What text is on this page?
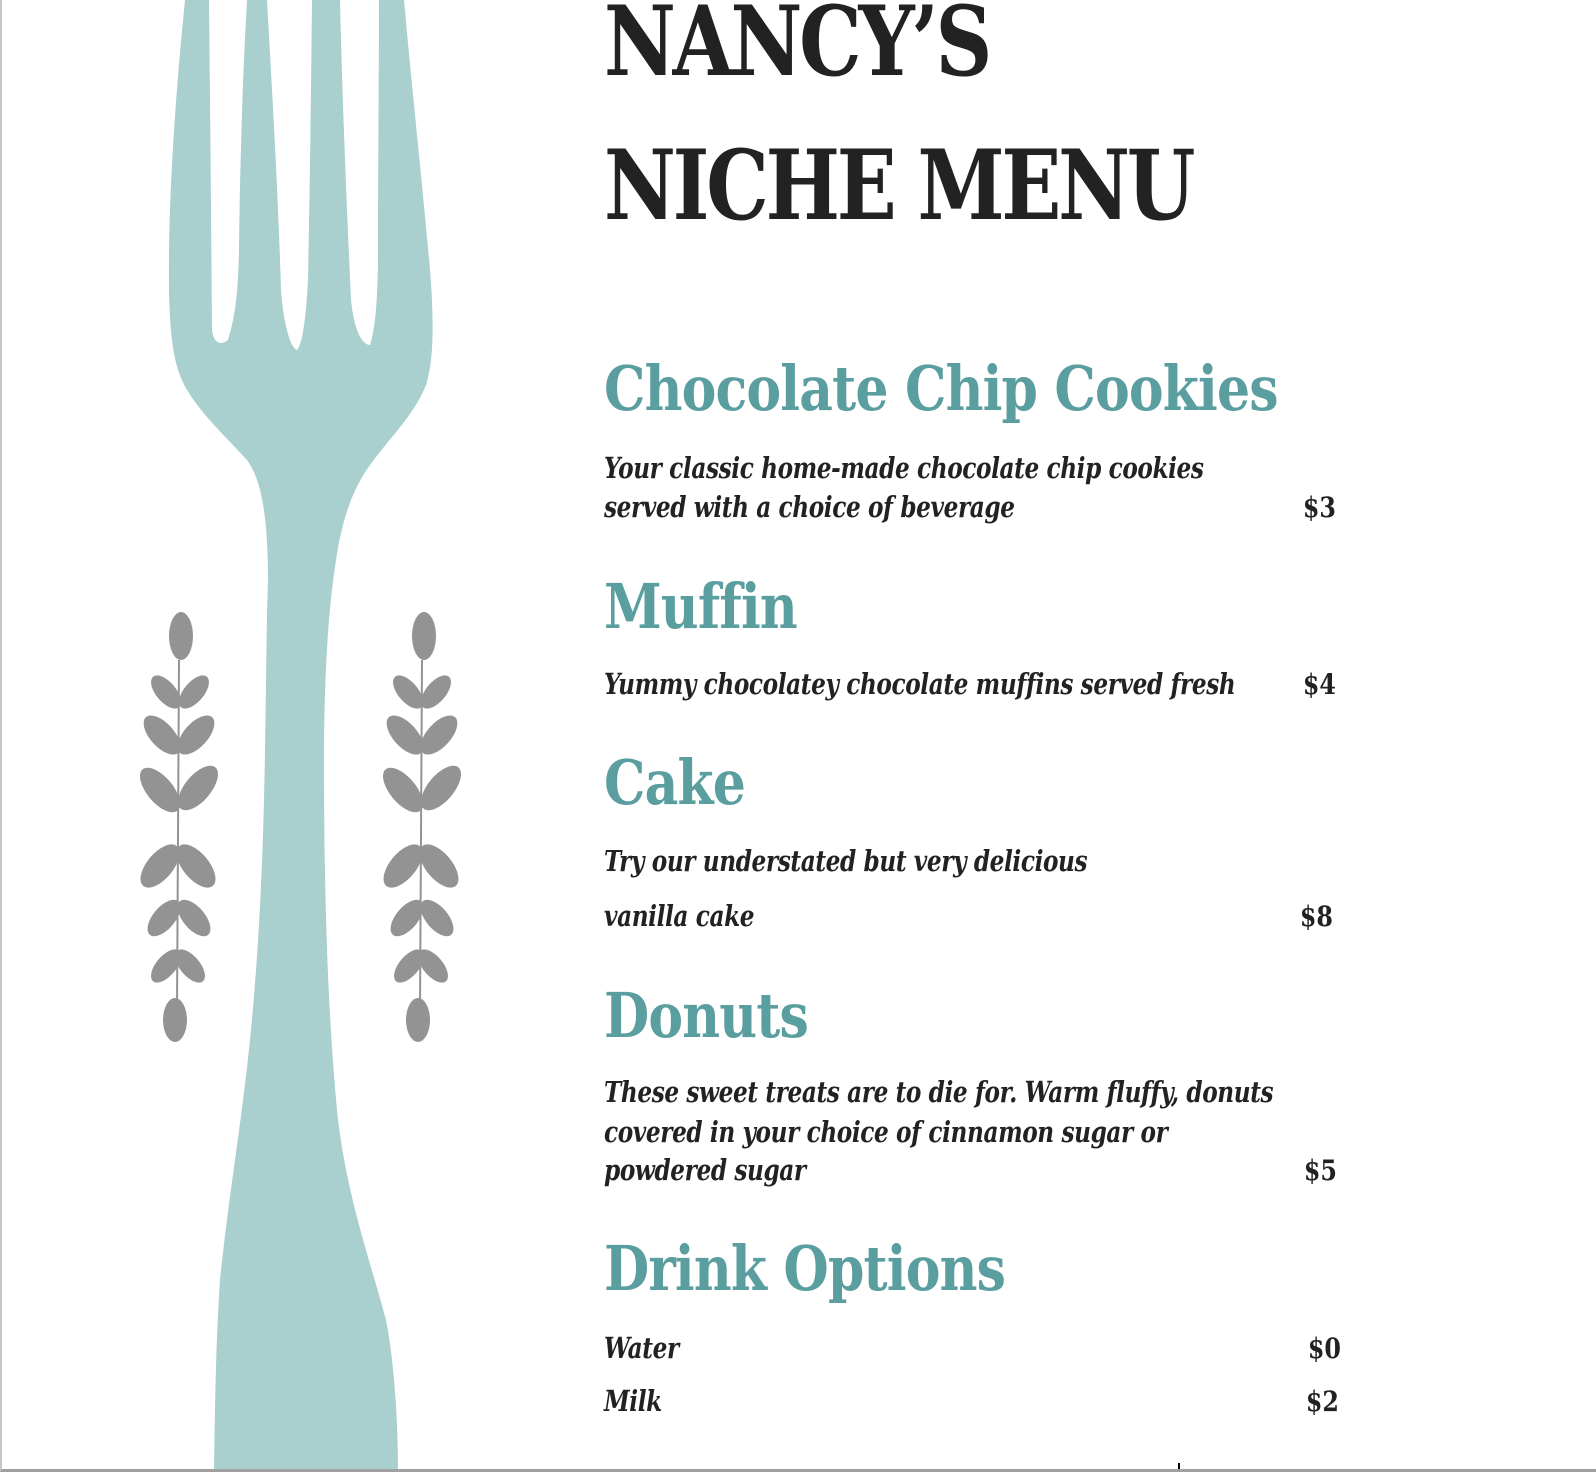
NANCY’S
NICHE MENU
Chocolate Chip Cookies
Your classic home-made chocolate chip cookies
served with a choice of beverage	$3
Muffin
Yummy chocolatey chocolate muffins served fresh	$4
Cake
Try our understated but very delicious
vanilla cake	$8
Donuts
These sweet treats are to die for. Warm fluffy, donuts
covered in your choice of cinnamon sugar or
powdered sugar	$5
Drink Options
Water	$0
Milk	$2
